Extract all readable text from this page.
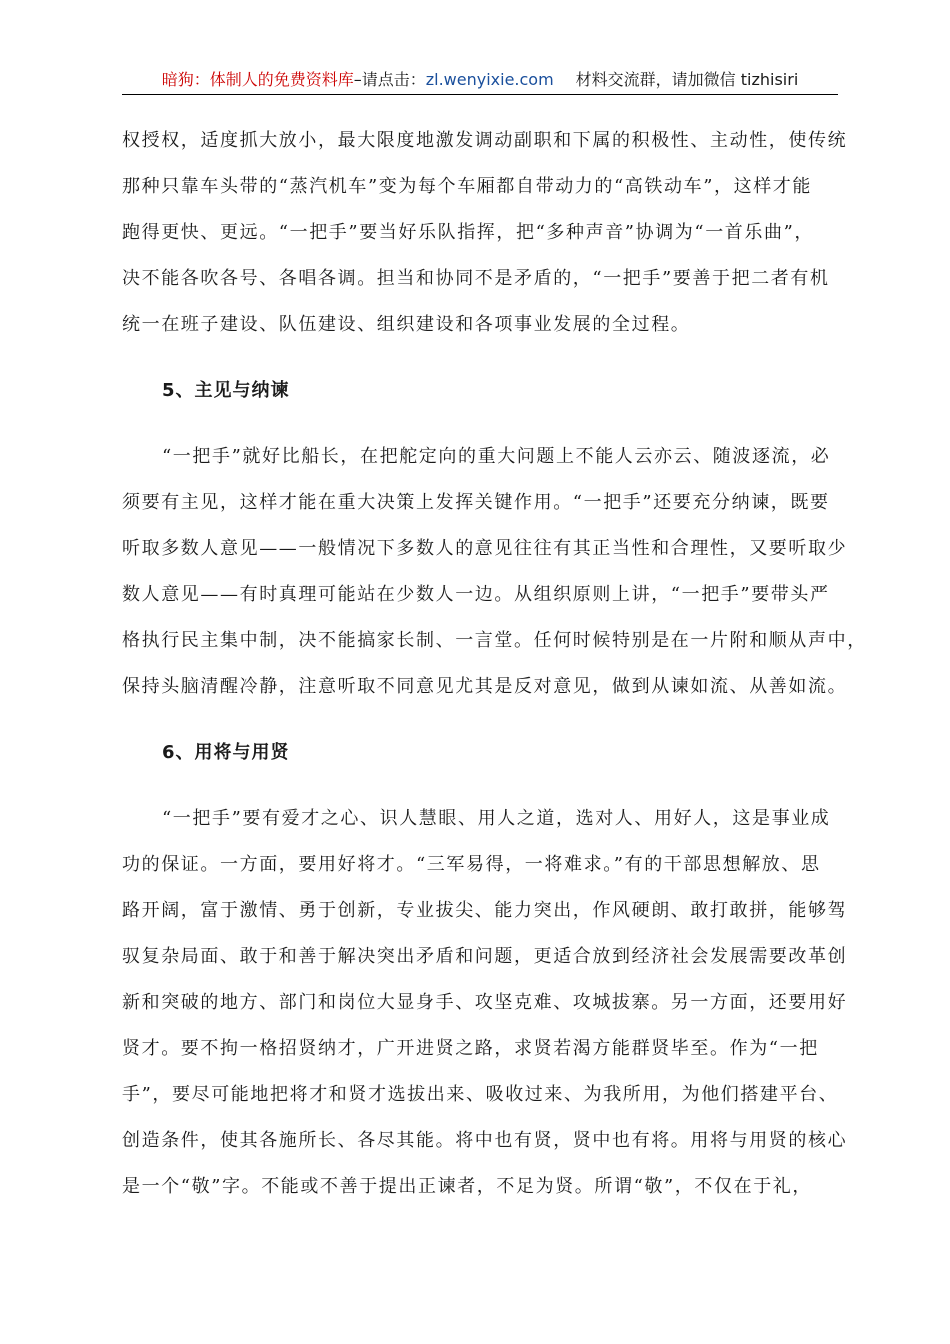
暗狗：体制人的免费资料库–请点击：zl.wenyixie.com 材料交流群，请加微信 tizhisiri
权授权，适度抓大放小，最大限度地激发调动副职和下属的积极性、主动性，使传统
那种只靠车头带的“蒸汽机车”变为每个车厢都自带动力的“高铁动车”，这样才能
跑得更快、更远。“一把手”要当好乐队指挥，把“多种声音”协调为“一首乐曲”，
决不能各吹各号、各唱各调。担当和协同不是矛盾的，“一把手”要善于把二者有机
统一在班子建设、队伍建设、组织建设和各项事业发展的全过程。
5、主见与纳谏
“一把手”就好比船长，在把舵定向的重大问题上不能人云亦云、随波逐流，必
须要有主见，这样才能在重大决策上发挥关键作用。“一把手”还要充分纳谏，既要
听取多数人意见——一般情况下多数人的意见往往有其正当性和合理性，又要听取少
数人意见——有时真理可能站在少数人一边。从组织原则上讲，“一把手”要带头严
格执行民主集中制，决不能搞家长制、一言堂。任何时候特别是在一片附和顺从声中，
保持头脑清醒冷静，注意听取不同意见尤其是反对意见，做到从谏如流、从善如流。
6、用将与用贤
“一把手”要有爱才之心、识人慧眼、用人之道，选对人、用好人，这是事业成
功的保证。一方面，要用好将才。“三军易得，一将难求。”有的干部思想解放、思
路开阔，富于激情、勇于创新，专业拔尖、能力突出，作风硬朗、敢打敢拼，能够驾
驭复杂局面、敢于和善于解决突出矛盾和问题，更适合放到经济社会发展需要改革创
新和突破的地方、部门和岗位大显身手、攻坚克难、攻城拔寨。另一方面，还要用好
贤才。要不拘一格招贤纳才，广开进贤之路，求贤若渴方能群贤毕至。作为“一把
手”，要尽可能地把将才和贤才选拔出来、吸收过来、为我所用，为他们搭建平台、
创造条件，使其各施所长、各尽其能。将中也有贤，贤中也有将。用将与用贤的核心
是一个“敬”字。不能或不善于提出正谏者，不足为贤。所谓“敬”，不仅在于礼，
